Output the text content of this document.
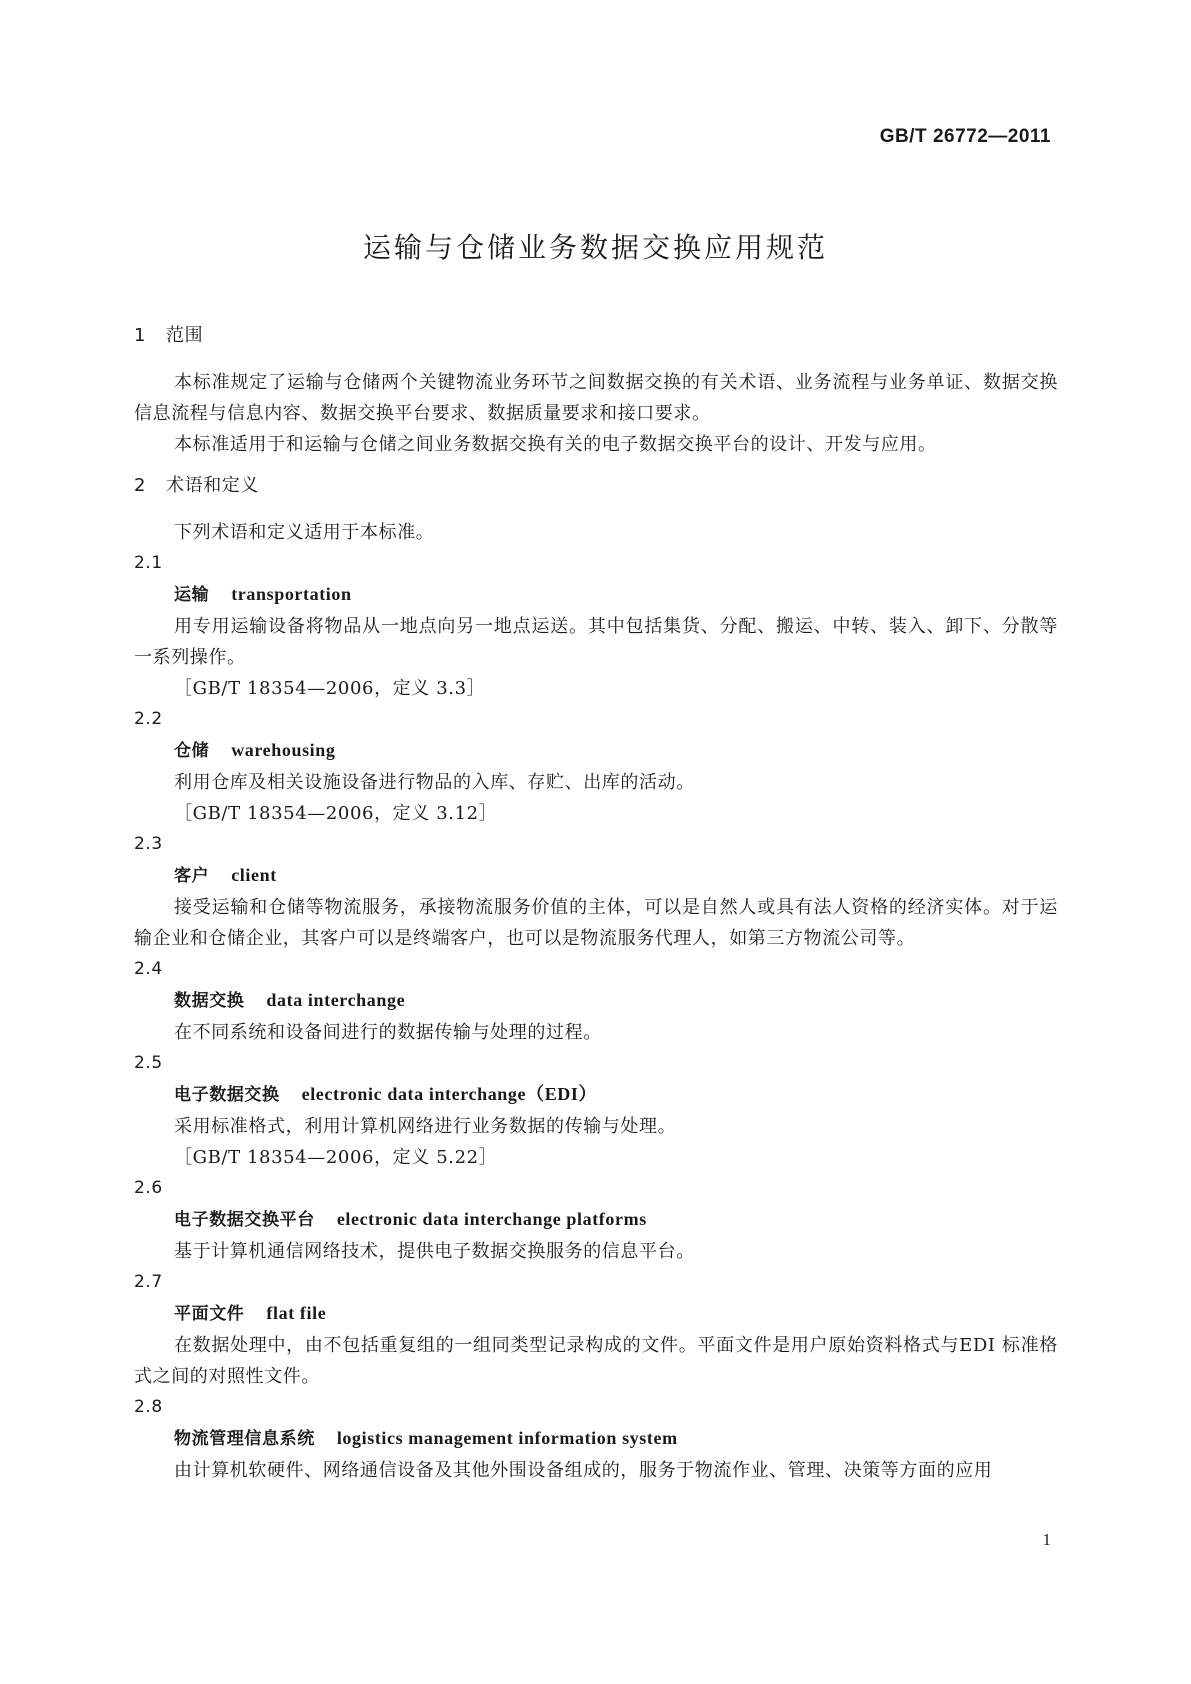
GB/T 26772—2011
运输与仓储业务数据交换应用规范
1 范围

本标准规定了运输与仓储两个关键物流业务环节之间数据交换的有关术语、业务流程与业务单证、数据交换信息流程与信息内容、数据交换平台要求、数据质量要求和接口要求。

本标准适用于和运输与仓储之间业务数据交换有关的电子数据交换平台的设计、开发与应用。

2 术语和定义

下列术语和定义适用于本标准。

2.1

运输 transportation

用专用运输设备将物品从一地点向另一地点运送。其中包括集货、分配、搬运、中转、装入、卸下、分散等一系列操作。

［GB/T 18354—2006，定义 3.3］

2.2

仓储 warehousing

利用仓库及相关设施设备进行物品的入库、存贮、出库的活动。

［GB/T 18354—2006，定义 3.12］

2.3

客户 client

接受运输和仓储等物流服务，承接物流服务价值的主体，可以是自然人或具有法人资格的经济实体。对于运输企业和仓储企业，其客户可以是终端客户，也可以是物流服务代理人，如第三方物流公司等。

2.4

数据交换 data interchange

在不同系统和设备间进行的数据传输与处理的过程。

2.5

电子数据交换 electronic data interchange（EDI）

采用标准格式，利用计算机网络进行业务数据的传输与处理。

［GB/T 18354—2006，定义 5.22］

2.6

电子数据交换平台 electronic data interchange platforms

基于计算机通信网络技术，提供电子数据交换服务的信息平台。

2.7

平面文件 flat file

在数据处理中，由不包括重复组的一组同类型记录构成的文件。平面文件是用户原始资料格式与EDI 标准格式之间的对照性文件。

2.8

物流管理信息系统 logistics management information system

由计算机软硬件、网络通信设备及其他外围设备组成的，服务于物流作业、管理、决策等方面的应用

1
